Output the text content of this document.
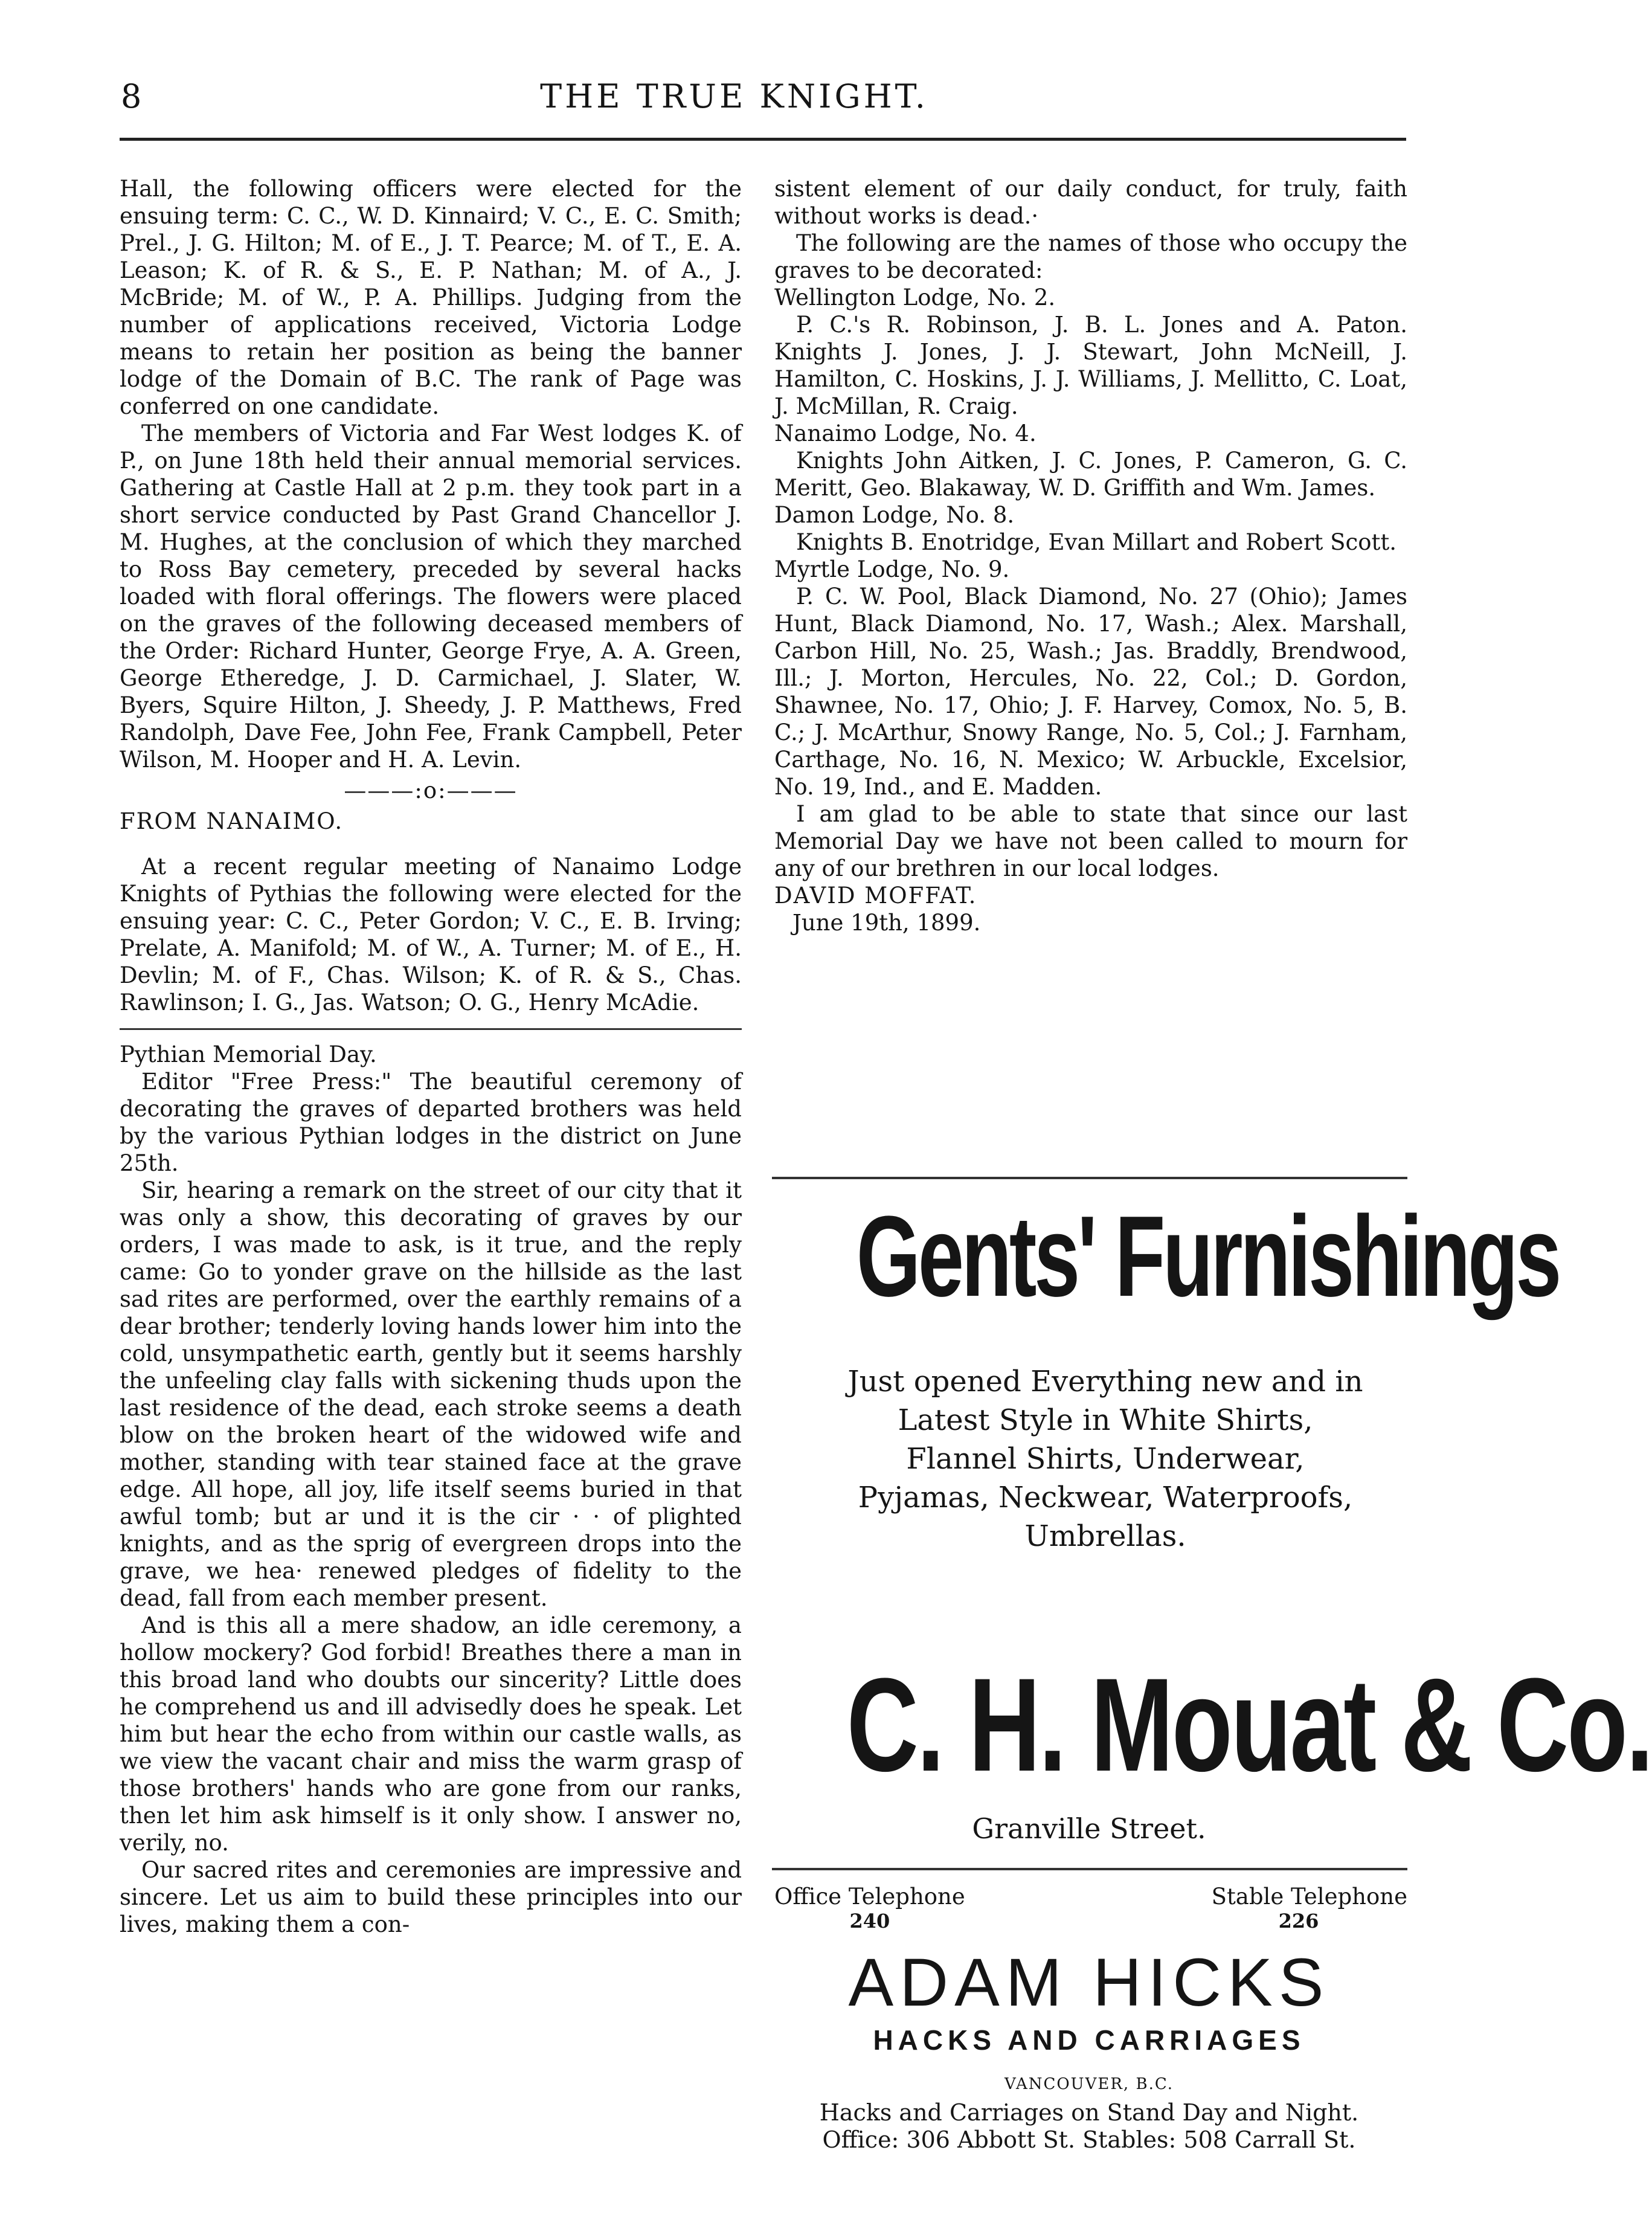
8	THE TRUE KNIGHT.

Hall, the following officers were elected for the ensuing term: C. C., W. D. Kinnaird; V. C., E. C. Smith; Prel., J. G. Hilton; M. of E., J. T. Pearce; M. of T., E. A. Leason; K. of R. & S., E. P. Nathan; M. of A., J. McBride; M. of W., P. A. Phillips. Judging from the number of applications received, Victoria Lodge means to retain her position as being the banner lodge of the Domain of B.C. The rank of Page was conferred on one candidate.

The members of Victoria and Far West lodges K. of P., on June 18th held their annual memorial services. Gathering at Castle Hall at 2 p.m. they took part in a short service conducted by Past Grand Chancellor J. M. Hughes, at the conclusion of which they marched to Ross Bay cemetery, preceded by several hacks loaded with floral offerings. The flowers were placed on the graves of the following deceased members of the Order: Richard Hunter, George Frye, A. A. Green, George Etheredge, J. D. Carmichael, J. Slater, W. Byers, Squire Hilton, J. Sheedy, J. P. Matthews, Fred Randolph, Dave Fee, John Fee, Frank Campbell, Peter Wilson, M. Hooper and H. A. Levin.

———:o:———

FROM NANAIMO.

At a recent regular meeting of Nanaimo Lodge Knights of Pythias the following were elected for the ensuing year: C. C., Peter Gordon; V. C., E. B. Irving; Prelate, A. Manifold; M. of W., A. Turner; M. of E., H. Devlin; M. of F., Chas. Wilson; K. of R. & S., Chas. Rawlinson; I. G., Jas. Watson; O. G., Henry McAdie.

Pythian Memorial Day.

Editor "Free Press:" The beautiful ceremony of decorating the graves of departed brothers was held by the various Pythian lodges in the district on June 25th.

Sir, hearing a remark on the street of our city that it was only a show, this decorating of graves by our orders, I was made to ask, is it true, and the reply came: Go to yonder grave on the hillside as the last sad rites are performed, over the earthly remains of a dear brother; tenderly loving hands lower him into the cold, unsympathetic earth, gently but it seems harshly the unfeeling clay falls with sickening thuds upon the last residence of the dead, each stroke seems a death blow on the broken heart of the widowed wife and mother, standing with tear stained face at the grave edge. All hope, all joy, life itself seems buried in that awful tomb; but ar und it is the cir · · of plighted knights, and as the sprig of evergreen drops into the grave, we hea· renewed pledges of fidelity to the dead, fall from each member present.

And is this all a mere shadow, an idle ceremony, a hollow mockery? God forbid! Breathes there a man in this broad land who doubts our sincerity? Little does he comprehend us and ill advisedly does he speak. Let him but hear the echo from within our castle walls, as we view the vacant chair and miss the warm grasp of those brothers' hands who are gone from our ranks, then let him ask himself is it only show. I answer no, verily, no.

Our sacred rites and ceremonies are impressive and sincere. Let us aim to build these principles into our lives, making them a con-

sistent element of our daily conduct, for truly, faith without works is dead.·

The following are the names of those who occupy the graves to be decorated:

Wellington Lodge, No. 2.

P. C.'s R. Robinson, J. B. L. Jones and A. Paton. Knights J. Jones, J. J. Stewart, John McNeill, J. Hamilton, C. Hoskins, J. J. Williams, J. Mellitto, C. Loat, J. McMillan, R. Craig.

Nanaimo Lodge, No. 4.

Knights John Aitken, J. C. Jones, P. Cameron, G. C. Meritt, Geo. Blakaway, W. D. Griffith and Wm. James.

Damon Lodge, No. 8.

Knights B. Enotridge, Evan Millart and Robert Scott.

Myrtle Lodge, No. 9.

P. C. W. Pool, Black Diamond, No. 27 (Ohio); James Hunt, Black Diamond, No. 17, Wash.; Alex. Marshall, Carbon Hill, No. 25, Wash.; Jas. Braddly, Brendwood, Ill.; J. Morton, Hercules, No. 22, Col.; D. Gordon, Shawnee, No. 17, Ohio; J. F. Harvey, Comox, No. 5, B. C.; J. McArthur, Snowy Range, No. 5, Col.; J. Farnham, Carthage, No. 16, N. Mexico; W. Arbuckle, Excelsior, No. 19, Ind., and E. Madden.

I am glad to be able to state that since our last Memorial Day we have not been called to mourn for any of our brethren in our local lodges.

DAVID MOFFAT.

June 19th, 1899.

Gents' Furnishings
Just opened Everything new and in Latest Style in White Shirts, Flannel Shirts, Underwear, Pyjamas, Neckwear, Waterproofs, Umbrellas.
C. H. Mouat & Co.
Granville Street.
Office Telephone
240
Stable Telephone
226
ADAM HICKS
HACKS AND CARRIAGES
VANCOUVER, B.C.
Hacks and Carriages on Stand Day and Night.
Office: 306 Abbott St. Stables: 508 Carrall St.
